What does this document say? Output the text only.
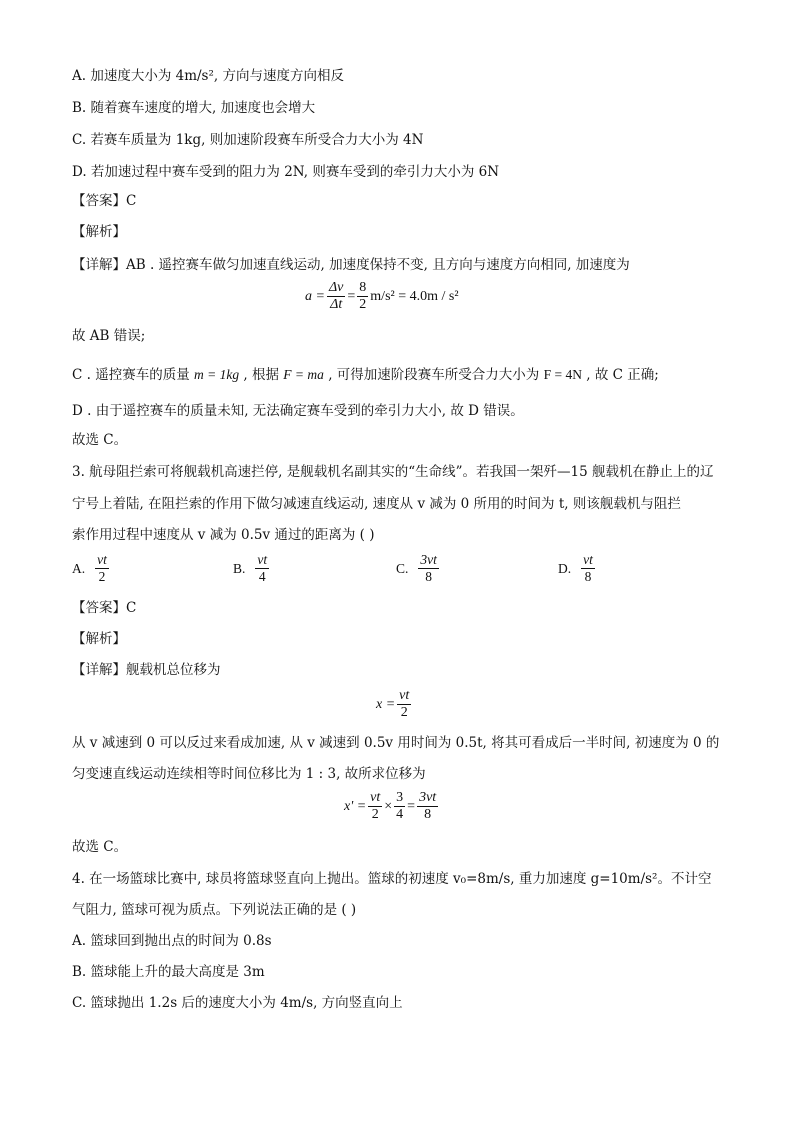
A. 加速度大小为 4m/s², 方向与速度方向相反
B. 随着赛车速度的增大, 加速度也会增大
C. 若赛车质量为 1kg, 则加速阶段赛车所受合力大小为 4N
D. 若加速过程中赛车受到的阻力为 2N, 则赛车受到的牵引力大小为 6N
【答案】C
【解析】
【详解】AB . 遥控赛车做匀加速直线运动, 加速度保持不变, 且方向与速度方向相同, 加速度为
$a = \frac{\Delta v}{\Delta t} = \frac{8}{2} m/s^2 = 4.0m / s^2$
故 AB 错误;
C . 遥控赛车的质量 m = 1kg , 根据 F = ma , 可得加速阶段赛车所受合力大小为 F = 4N , 故 C 正确;
D . 由于遥控赛车的质量未知, 无法确定赛车受到的牵引力大小, 故 D 错误。
故选 C。
3. 航母阻拦索可将舰载机高速拦停, 是舰载机名副其实的“生命线”。若我国一架歼—15 舰载机在静止上的辽
宁号上着陆, 在阻拦索的作用下做匀减速直线运动, 速度从 v 减为 0 所用的时间为 t, 则该舰载机与阻拦
索作用过程中速度从 v 减为 0.5v 通过的距离为 ( )
A. $\frac{vt}{2}$	B. $\frac{vt}{4}$	C. $\frac{3vt}{8}$	D. $\frac{vt}{8}$
【答案】C
【解析】
【详解】舰载机总位移为
$x = \frac{vt}{2}$
从 v 减速到 0 可以反过来看成加速, 从 v 减速到 0.5v 用时间为 0.5t, 将其可看成后一半时间, 初速度为 0 的
匀变速直线运动连续相等时间位移比为 1 : 3, 故所求位移为
$x' = \frac{vt}{2} \times \frac{3}{4} = \frac{3vt}{8}$
故选 C。
4. 在一场篮球比赛中, 球员将篮球竖直向上抛出。篮球的初速度 v₀=8m/s, 重力加速度 g=10m/s²。不计空
气阻力, 篮球可视为质点。下列说法正确的是 ( )
A. 篮球回到抛出点的时间为 0.8s
B. 篮球能上升的最大高度是 3m
C. 篮球抛出 1.2s 后的速度大小为 4m/s, 方向竖直向上
